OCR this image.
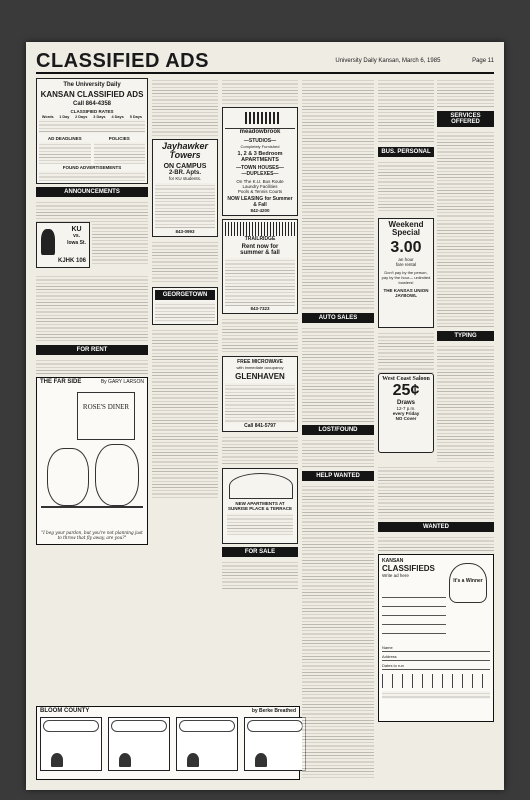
CLASSIFIED ADS	University Daily Kansan, March 6, 1985	Page 11
The University Daily
KANSAN CLASSIFIED ADS
Call 864-4358
CLASSIFIED RATES
Words	1 Day	2 Days	3 Days	4 Days	5 Days
AD DEADLINES	POLICIES
FOUND ADVERTISEMENTS
ANNOUNCEMENTS
KU
vs.
Iowa St.
KJHK 106
FOR RENT
THE FAR SIDE	By GARY LARSON
ROSE'S DINER
"I beg your pardon, but you're not planning just to throw that fly away, are you?"
BLOOM COUNTY	by Berke Breathed

Jayhawker Towers
ON CAMPUS
2-BR. Apts.
for KU students.
843-0993
GEORGETOWN
meadowbrook
—STUDIOS—
Completely Furnished
1, 2 & 3 Bedroom APARTMENTS
—TOWN HOUSES—
—DUPLEXES—
On The K.U. Bus Route
Laundry Facilities
Pools & Tennis Courts
NOW LEASING for Summer & Fall
842-4200
TRAILRIDGE
Rent now for
summer & fall
843-7323
FREE MICROWAVE
with immediate occupancy
GLENHAVEN
Call 841-5797
NEW APARTMENTS AT SUNRISE PLACE & TERRACE
FOR SALE
AUTO SALES
LOST/FOUND
HELP WANTED
BUS. PERSONAL
SERVICES OFFERED
Weekend Special
3.00
an hour
fare rental
Don't pay by the person, pay by the hour— unlimited bowlers!
THE KANSAS UNION JAYBOWL
West Coast Saloon
25¢
Draws
12-7 p.m.
every Friday
NO Cover
TYPING
WANTED
KANSAN
CLASSIFIEDS
Write ad here
It's a Winner
Name
Address
Dates to run
